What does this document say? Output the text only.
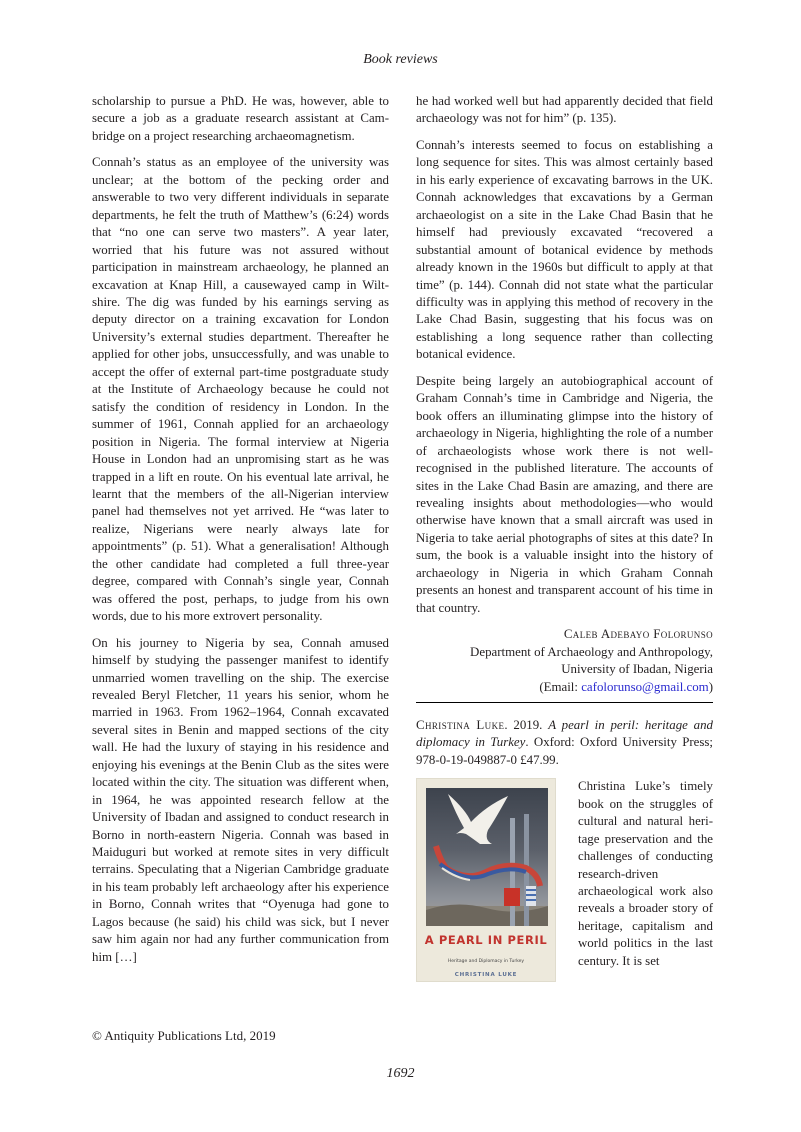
Book reviews

scholarship to pursue a PhD. He was, however, able to secure a job as a graduate research assistant at Cambridge on a project researching archaeomagnetism.

Connah’s status as an employee of the university was unclear; at the bottom of the pecking order and answerable to two very different individuals in separate departments, he felt the truth of Matthew’s (6:24) words that “no one can serve two masters”. A year later, worried that his future was not assured without participation in mainstream archaeology, he planned an excavation at Knap Hill, a causewayed camp in Wiltshire. The dig was funded by his earnings serving as deputy director on a training excavation for London University’s external studies department. Thereafter he applied for other jobs, unsuccessfully, and was unable to accept the offer of external part-time postgraduate study at the Institute of Archaeology because he could not satisfy the condition of residency in London. In the summer of 1961, Connah applied for an archaeology position in Nigeria. The formal interview at Nigeria House in London had an unpromising start as he was trapped in a lift en route. On his eventual late arrival, he learnt that the members of the all-Nigerian interview panel had themselves not yet arrived. He “was later to realize, Nigerians were nearly always late for appointments” (p. 51). What a generalisation! Although the other candidate had completed a full three-year degree, compared with Connah’s single year, Connah was offered the post, perhaps, to judge from his own words, due to his more extrovert personality.

On his journey to Nigeria by sea, Connah amused himself by studying the passenger manifest to identify unmarried women travelling on the ship. The exercise revealed Beryl Fletcher, 11 years his senior, whom he married in 1963. From 1962–1964, Connah excavated several sites in Benin and mapped sections of the city wall. He had the luxury of staying in his residence and enjoying his evenings at the Benin Club as the sites were located within the city. The situation was different when, in 1964, he was appointed research fellow at the University of Ibadan and assigned to conduct research in Borno in north-eastern Nigeria. Connah was based in Maiduguri but worked at remote sites in very difficult terrains. Speculating that a Nigerian Cambridge graduate in his team probably left archaeology after his experience in Borno, Connah writes that “Oyenuga had gone to Lagos because (he said) his child was sick, but I never saw him again nor had any further communication from him […]

he had worked well but had apparently decided that field archaeology was not for him” (p. 135).

Connah’s interests seemed to focus on establishing a long sequence for sites. This was almost certainly based in his early experience of excavating barrows in the UK. Connah acknowledges that excavations by a German archaeologist on a site in the Lake Chad Basin that he himself had previously excavated “recovered a substantial amount of botanical evidence by methods already known in the 1960s but difficult to apply at that time” (p. 144). Connah did not state what the particular difficulty was in applying this method of recovery in the Lake Chad Basin, suggesting that his focus was on establishing a long sequence rather than collecting botanical evidence.

Despite being largely an autobiographical account of Graham Connah’s time in Cambridge and Nigeria, the book offers an illuminating glimpse into the history of archaeology in Nigeria, highlighting the role of a number of archaeologists whose work there is not well-recognised in the published literature. The accounts of sites in the Lake Chad Basin are amazing, and there are revealing insights about methodologies—who would otherwise have known that a small aircraft was used in Nigeria to take aerial photographs of sites at this date? In sum, the book is a valuable insight into the history of archaeology in Nigeria in which Graham Connah presents an honest and transparent account of his time in that country.

Caleb Adebayo Folorunso
Department of Archaeology and Anthropology,
University of Ibadan, Nigeria
(Email: cafolorunso@gmail.com)

Christina Luke. 2019. A pearl in peril: heritage and diplomacy in Turkey. Oxford: Oxford University Press; 978-0-19-049887-0 £47.99.

A PEARL IN PERIL
Heritage and Diplomacy in Turkey
CHRISTINA LUKE
Christina Luke’s timely book on the struggles of cultural and natural heritage preservation and the challenges of conducting research-driven archaeological work also reveals a broader story of heritage, capitalism and world politics in the last century. It is set
© Antiquity Publications Ltd, 2019
1692
